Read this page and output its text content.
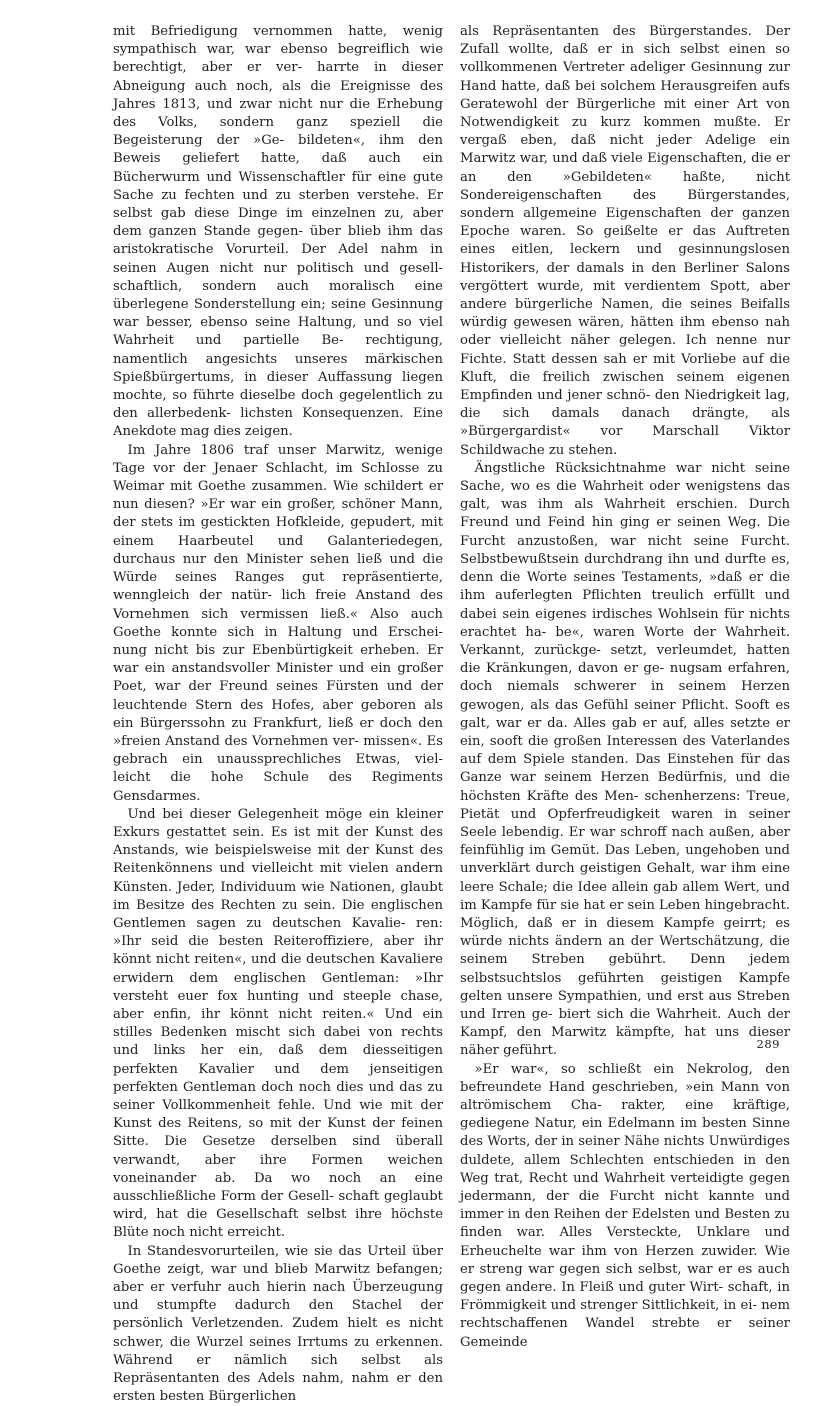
mit Befriedigung vernommen hatte, wenig sympathisch war, war ebenso begreiflich wie berechtigt, aber er ver- harrte in dieser Abneigung auch noch, als die Ereignisse des Jahres 1813, und zwar nicht nur die Erhebung des Volks, sondern ganz speziell die Begeisterung der »Ge- bildeten«, ihm den Beweis geliefert hatte, daß auch ein Bücherwurm und Wissenschaftler für eine gute Sache zu fechten und zu sterben verstehe. Er selbst gab diese Dinge im einzelnen zu, aber dem ganzen Stande gegen- über blieb ihm das aristokratische Vorurteil. Der Adel nahm in seinen Augen nicht nur politisch und gesell- schaftlich, sondern auch moralisch eine überlegene Sonderstellung ein; seine Gesinnung war besser, ebenso seine Haltung, und so viel Wahrheit und partielle Be- rechtigung, namentlich angesichts unseres märkischen Spießbürgertums, in dieser Auffassung liegen mochte, so führte dieselbe doch gegelentlich zu den allerbedenk- lichsten Konsequenzen. Eine Anekdote mag dies zeigen.
Im Jahre 1806 traf unser Marwitz, wenige Tage vor der Jenaer Schlacht, im Schlosse zu Weimar mit Goethe zusammen. Wie schildert er nun diesen? »Er war ein großer, schöner Mann, der stets im gestickten Hofkleide, gepudert, mit einem Haarbeutel und Galanteriedegen, durchaus nur den Minister sehen ließ und die Würde seines Ranges gut repräsentierte, wenngleich der natür- lich freie Anstand des Vornehmen sich vermissen ließ.« Also auch Goethe konnte sich in Haltung und Erschei- nung nicht bis zur Ebenbürtigkeit erheben. Er war ein anstandsvoller Minister und ein großer Poet, war der Freund seines Fürsten und der leuchtende Stern des Hofes, aber geboren als ein Bürgerssohn zu Frankfurt, ließ er doch den »freien Anstand des Vornehmen ver- missen«. Es gebrach ein unaussprechliches Etwas, viel- leicht die hohe Schule des Regiments Gensdarmes.
Und bei dieser Gelegenheit möge ein kleiner Exkurs gestattet sein. Es ist mit der Kunst des Anstands, wie beispielsweise mit der Kunst des Reitenkönnens und vielleicht mit vielen andern Künsten. Jeder, Individuum wie Nationen, glaubt im Besitze des Rechten zu sein. Die englischen Gentlemen sagen zu deutschen Kavalie- ren: »Ihr seid die besten Reiteroffiziere, aber ihr könnt nicht reiten«, und die deutschen Kavaliere erwidern dem englischen Gentleman: »Ihr versteht euer fox hunting und steeple chase, aber enfin, ihr könnt nicht reiten.« Und ein stilles Bedenken mischt sich dabei von rechts und links her ein, daß dem diesseitigen perfekten Kavalier und dem jenseitigen perfekten Gentleman doch noch dies und das zu seiner Vollkommenheit fehle. Und wie mit der Kunst des Reitens, so mit der Kunst der feinen Sitte. Die Gesetze derselben sind überall verwandt, aber ihre Formen weichen voneinander ab. Da wo noch an eine ausschließliche Form der Gesell- schaft geglaubt wird, hat die Gesellschaft selbst ihre höchste Blüte noch nicht erreicht.
In Standesvorurteilen, wie sie das Urteil über Goethe zeigt, war und blieb Marwitz befangen; aber er verfuhr auch hierin nach Überzeugung und stumpfte dadurch den Stachel der persönlich Verletzenden. Zudem hielt es nicht schwer, die Wurzel seines Irrtums zu erkennen. Während er nämlich sich selbst als Repräsentanten des Adels nahm, nahm er den ersten besten Bürgerlichen
als Repräsentanten des Bürgerstandes. Der Zufall wollte, daß er in sich selbst einen so vollkommenen Vertreter adeliger Gesinnung zur Hand hatte, daß bei solchem Herausgreifen aufs Geratewohl der Bürgerliche mit einer Art von Notwendigkeit zu kurz kommen mußte. Er vergaß eben, daß nicht jeder Adelige ein Marwitz war, und daß viele Eigenschaften, die er an den »Gebildeten« haßte, nicht Sondereigenschaften des Bürgerstandes, sondern allgemeine Eigenschaften der ganzen Epoche waren. So geißelte er das Auftreten eines eitlen, leckern und gesinnungslosen Historikers, der damals in den Berliner Salons vergöttert wurde, mit verdientem Spott, aber andere bürgerliche Namen, die seines Beifalls würdig gewesen wären, hätten ihm ebenso nah oder vielleicht näher gelegen. Ich nenne nur Fichte. Statt dessen sah er mit Vorliebe auf die Kluft, die freilich zwischen seinem eigenen Empfinden und jener schnö- den Niedrigkeit lag, die sich damals danach drängte, als »Bürgergardist« vor Marschall Viktor Schildwache zu stehen.
Ängstliche Rücksichtnahme war nicht seine Sache, wo es die Wahrheit oder wenigstens das galt, was ihm als Wahrheit erschien. Durch Freund und Feind hin ging er seinen Weg. Die Furcht anzustoßen, war nicht seine Furcht. Selbstbewußtsein durchdrang ihn und durfte es, denn die Worte seines Testaments, »daß er die ihm auferlegten Pflichten treulich erfüllt und dabei sein eigenes irdisches Wohlsein für nichts erachtet ha- be«, waren Worte der Wahrheit. Verkannt, zurückge- setzt, verleumdet, hatten die Kränkungen, davon er ge- nugsam erfahren, doch niemals schwerer in seinem Herzen gewogen, als das Gefühl seiner Pflicht. Sooft es galt, war er da. Alles gab er auf, alles setzte er ein, sooft die großen Interessen des Vaterlandes auf dem Spiele standen. Das Einstehen für das Ganze war seinem Herzen Bedürfnis, und die höchsten Kräfte des Men- schenherzens: Treue, Pietät und Opferfreudigkeit waren in seiner Seele lebendig. Er war schroff nach außen, aber feinfühlig im Gemüt. Das Leben, ungehoben und unverklärt durch geistigen Gehalt, war ihm eine leere Schale; die Idee allein gab allem Wert, und im Kampfe für sie hat er sein Leben hingebracht. Möglich, daß er in diesem Kampfe geirrt; es würde nichts ändern an der Wertschätzung, die seinem Streben gebührt. Denn jedem selbstsuchtslos geführten geistigen Kampfe gelten unsere Sympathien, und erst aus Streben und Irren ge- biert sich die Wahrheit. Auch der Kampf, den Marwitz kämpfte, hat uns dieser näher geführt.
»Er war«, so schließt ein Nekrolog, den befreundete Hand geschrieben, »ein Mann von altrömischem Cha- rakter, eine kräftige, gediegene Natur, ein Edelmann im besten Sinne des Worts, der in seiner Nähe nichts Unwürdiges duldete, allem Schlechten entschieden in den Weg trat, Recht und Wahrheit verteidigte gegen jedermann, der die Furcht nicht kannte und immer in den Reihen der Edelsten und Besten zu finden war. Alles Versteckte, Unklare und Erheuchelte war ihm von Herzen zuwider. Wie er streng war gegen sich selbst, war er es auch gegen andere. In Fleiß und guter Wirt- schaft, in Frömmigkeit und strenger Sittlichkeit, in ei- nem rechtschaffenen Wandel strebte er seiner Gemeinde
289
